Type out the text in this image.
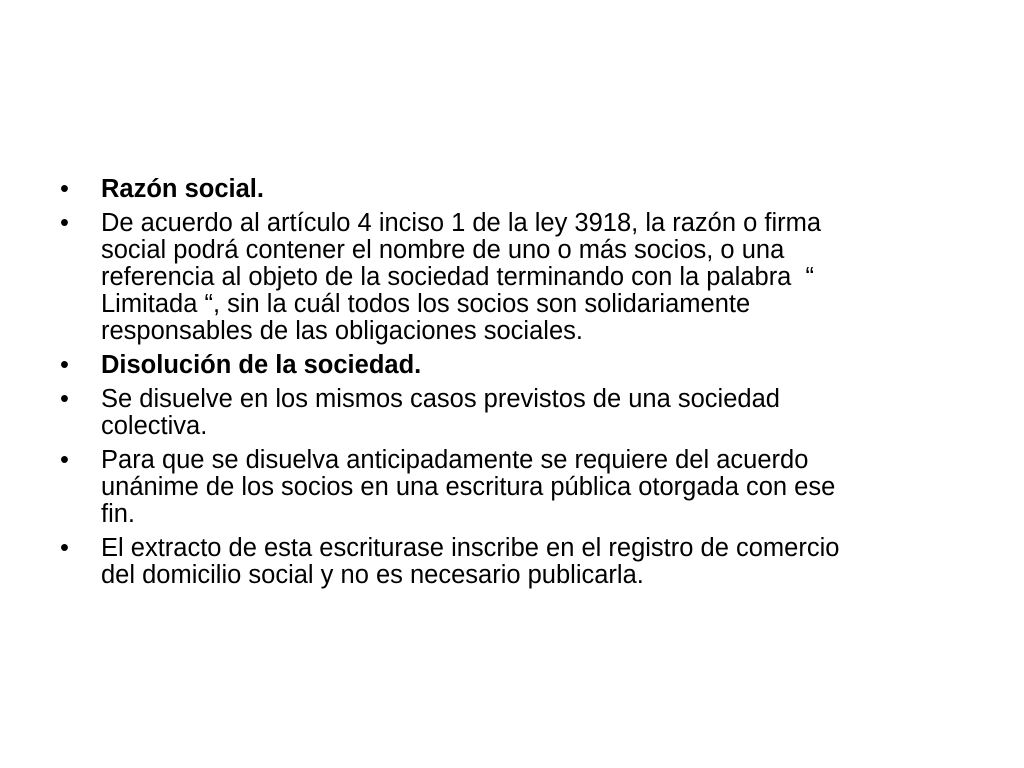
• Razón social.
• De acuerdo al artículo 4 inciso 1 de la ley 3918, la razón o firma
social podrá contener el nombre de uno o más socios, o una
referencia al objeto de la sociedad terminando con la palabra  “
Limitada “, sin la cuál todos los socios son solidariamente
responsables de las obligaciones sociales.
• Disolución de la sociedad.
• Se disuelve en los mismos casos previstos de una sociedad
colectiva.
• Para que se disuelva anticipadamente se requiere del acuerdo
unánime de los socios en una escritura pública otorgada con ese
fin.
• El extracto de esta escriturase inscribe en el registro de comercio
del domicilio social y no es necesario publicarla.
